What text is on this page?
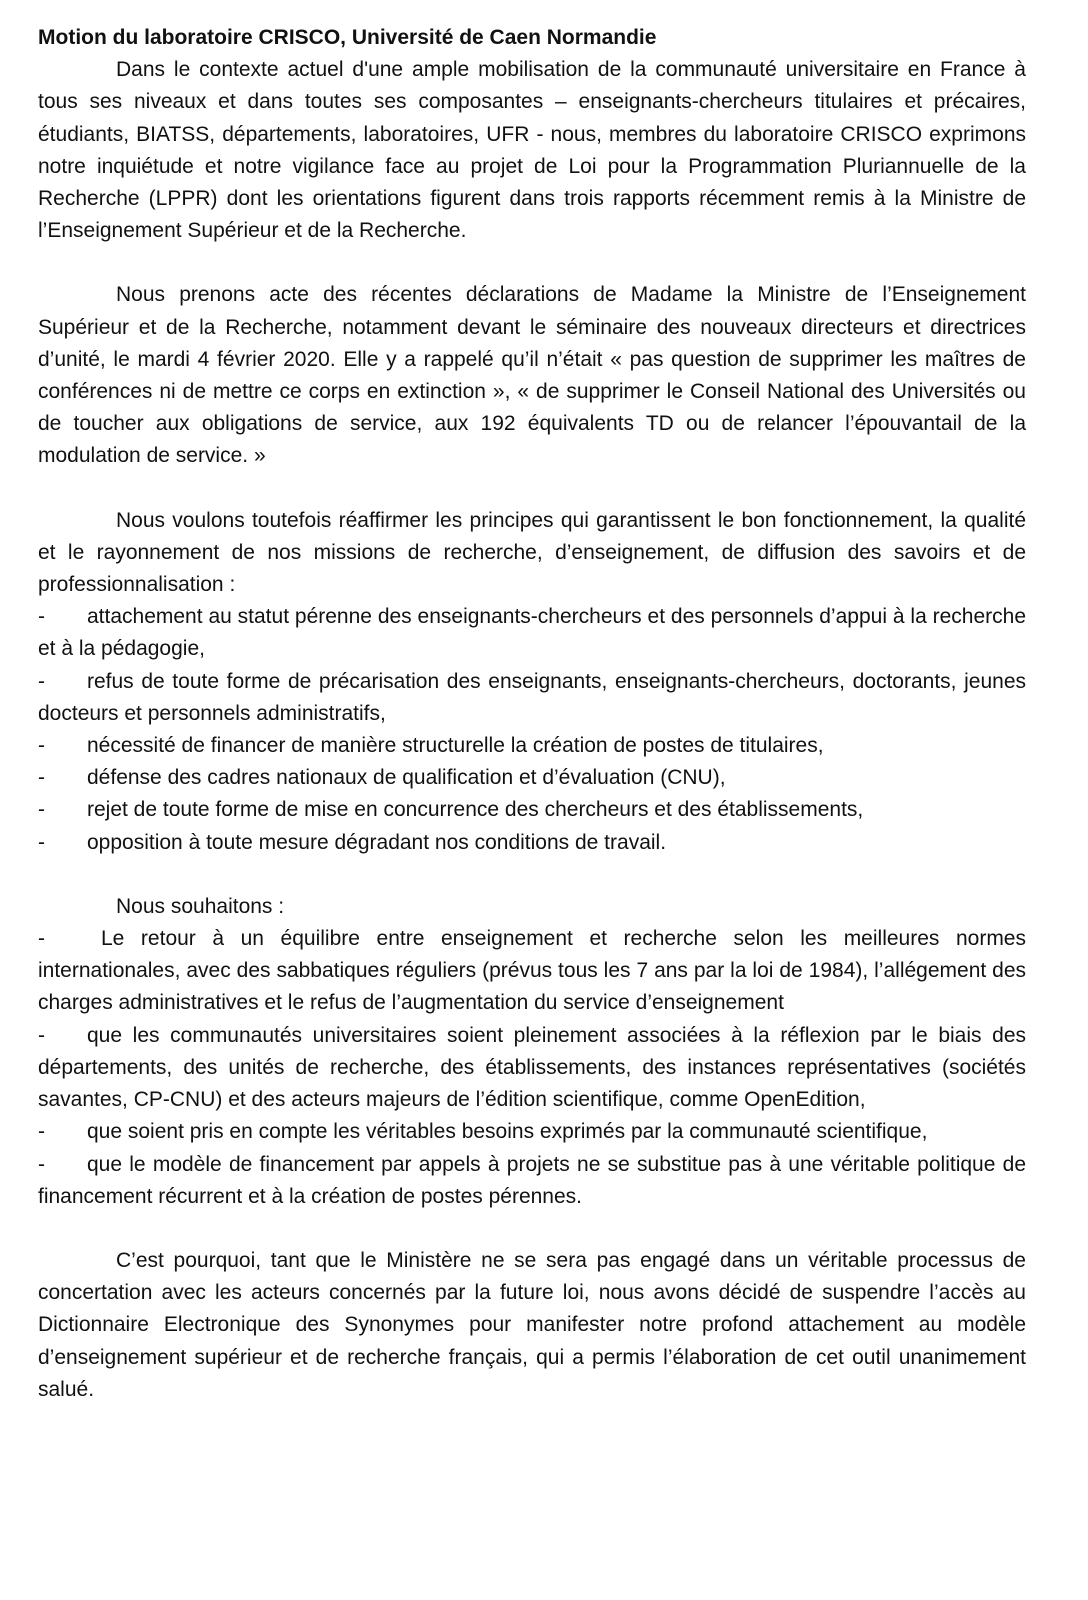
Motion du laboratoire CRISCO, Université de Caen Normandie

Dans le contexte actuel d'une ample mobilisation de la communauté universitaire en France à tous ses niveaux et dans toutes ses composantes – enseignants-chercheurs titulaires et précaires, étudiants, BIATSS, départements, laboratoires, UFR - nous, membres du laboratoire CRISCO exprimons notre inquiétude et notre vigilance face au projet de Loi pour la Programmation Pluriannuelle de la Recherche (LPPR) dont les orientations figurent dans trois rapports récemment remis à la Ministre de l’Enseignement Supérieur et de la Recherche.

Nous prenons acte des récentes déclarations de Madame la Ministre de l’Enseignement Supérieur et de la Recherche, notamment devant le séminaire des nouveaux directeurs et directrices d’unité, le mardi 4 février 2020. Elle y a rappelé qu’il n’était « pas question de supprimer les maîtres de conférences ni de mettre ce corps en extinction », « de supprimer le Conseil National des Universités ou de toucher aux obligations de service, aux 192 équivalents TD ou de relancer l’épouvantail de la modulation de service. »

Nous voulons toutefois réaffirmer les principes qui garantissent le bon fonctionnement, la qualité et le rayonnement de nos missions de recherche, d’enseignement, de diffusion des savoirs et de professionnalisation :

- attachement au statut pérenne des enseignants-chercheurs et des personnels d’appui à la recherche et à la pédagogie,

- refus de toute forme de précarisation des enseignants, enseignants-chercheurs, doctorants, jeunes docteurs et personnels administratifs,

- nécessité de financer de manière structurelle la création de postes de titulaires,

- défense des cadres nationaux de qualification et d’évaluation (CNU),

- rejet de toute forme de mise en concurrence des chercheurs et des établissements,

- opposition à toute mesure dégradant nos conditions de travail.

Nous souhaitons :

-	Le retour à un équilibre entre enseignement et recherche selon les meilleures normes internationales, avec des sabbatiques réguliers (prévus tous les 7 ans par la loi de 1984), l’allégement des charges administratives et le refus de l’augmentation du service d’enseignement

- que les communautés universitaires soient pleinement associées à la réflexion par le biais des départements, des unités de recherche, des établissements, des instances représentatives (sociétés savantes, CP-CNU) et des acteurs majeurs de l’édition scientifique, comme OpenEdition,

- que soient pris en compte les véritables besoins exprimés par la communauté scientifique,

- que le modèle de financement par appels à projets ne se substitue pas à une véritable politique de financement récurrent et à la création de postes pérennes.

C’est pourquoi, tant que le Ministère ne se sera pas engagé dans un véritable processus de concertation avec les acteurs concernés par la future loi, nous avons décidé de suspendre l’accès au Dictionnaire Electronique des Synonymes pour manifester notre profond attachement au modèle d’enseignement supérieur et de recherche français, qui a permis l’élaboration de cet outil unanimement salué.
